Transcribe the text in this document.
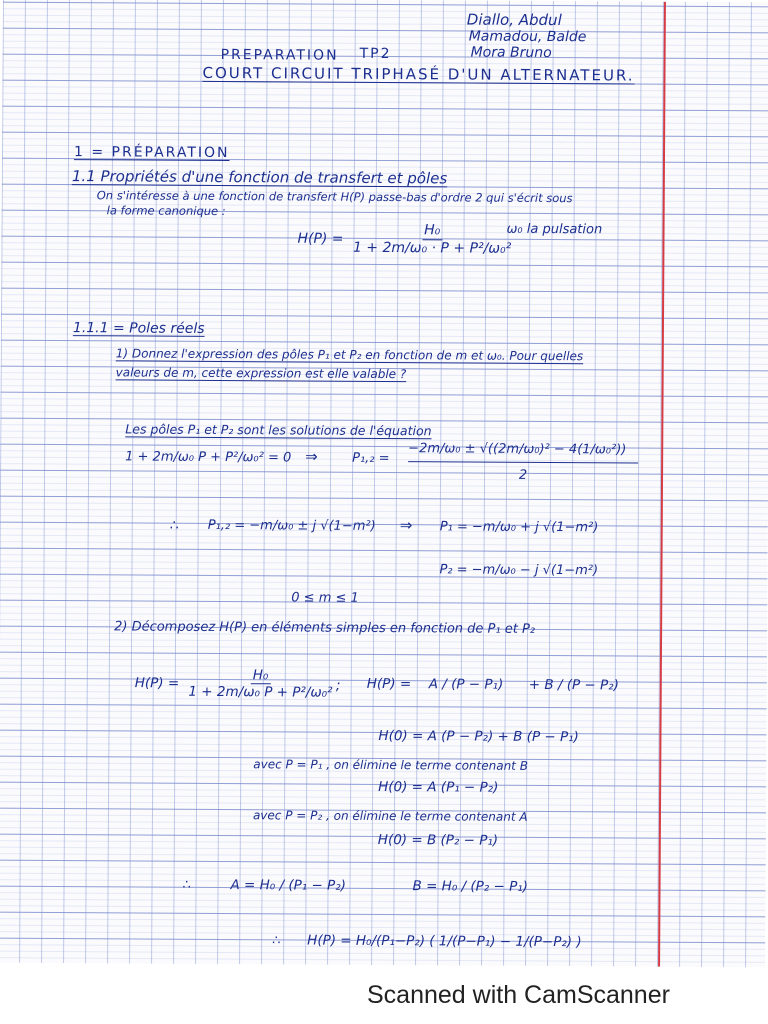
Diallo, Abdul
Mamadou, Balde
Mora Bruno
PREPARATION TP2
COURT CIRCUIT TRIPHASÉ D'UN ALTERNATEUR.
1 = PRÉPARATION
1.1 Propriétés d'une fonction de transfert et pôles
On s'intéresse à une fonction de transfert H(P) passe-bas d'ordre 2 qui s'écrit sous
la forme canonique :
$H(P) = \frac{\text{H₀}}{\text{1 + 2m/ω₀ · P + P²/ω₀²}}$
ω₀ la pulsation
1.1.1 = Poles réels
1) Donnez l'expression des pôles P₁ et P₂ en fonction de m et ω₀. Pour quelles
valeurs de m, cette expression est elle valable ?
Les pôles P₁ et P₂ sont les solutions de l'équation
1 + 2m/ω₀ P + P²/ω₀² = 0 ⇒	$P_1,_2 = \frac{\text{−2m/ω₀ ± √((2m/ω₀)² − 4(1/ω₀²))}}{2}$
∴ P₁,₂ = −m/ω₀ ± j √(1−m²) ⇒ P₁ = −m/ω₀ + j √(1−m²)
P₂ = −m/ω₀ − j √(1−m²)
0 ≤ m ≤ 1
2) Décomposez H(P) en éléments simples en fonction de P₁ et P₂
$H(P) = \frac{\text{H₀}}{\text{1 + 2m/ω₀ P + P²/ω₀²}}$ ; H(P) = A / (P − P₁) + B / (P − P₂)
H(0) = A (P − P₂) + B (P − P₁)
avec P = P₁ , on élimine le terme contenant B
H(0) = A (P₁ − P₂)
avec P = P₂ , on élimine le terme contenant A
H(0) = B (P₂ − P₁)
∴	A = H₀ / (P₁ − P₂)	B = H₀ / (P₂ − P₁)
∴ H(P) = H₀/(P₁−P₂) ( 1/(P−P₁) − 1/(P−P₂) )
Scanned with CamScanner
